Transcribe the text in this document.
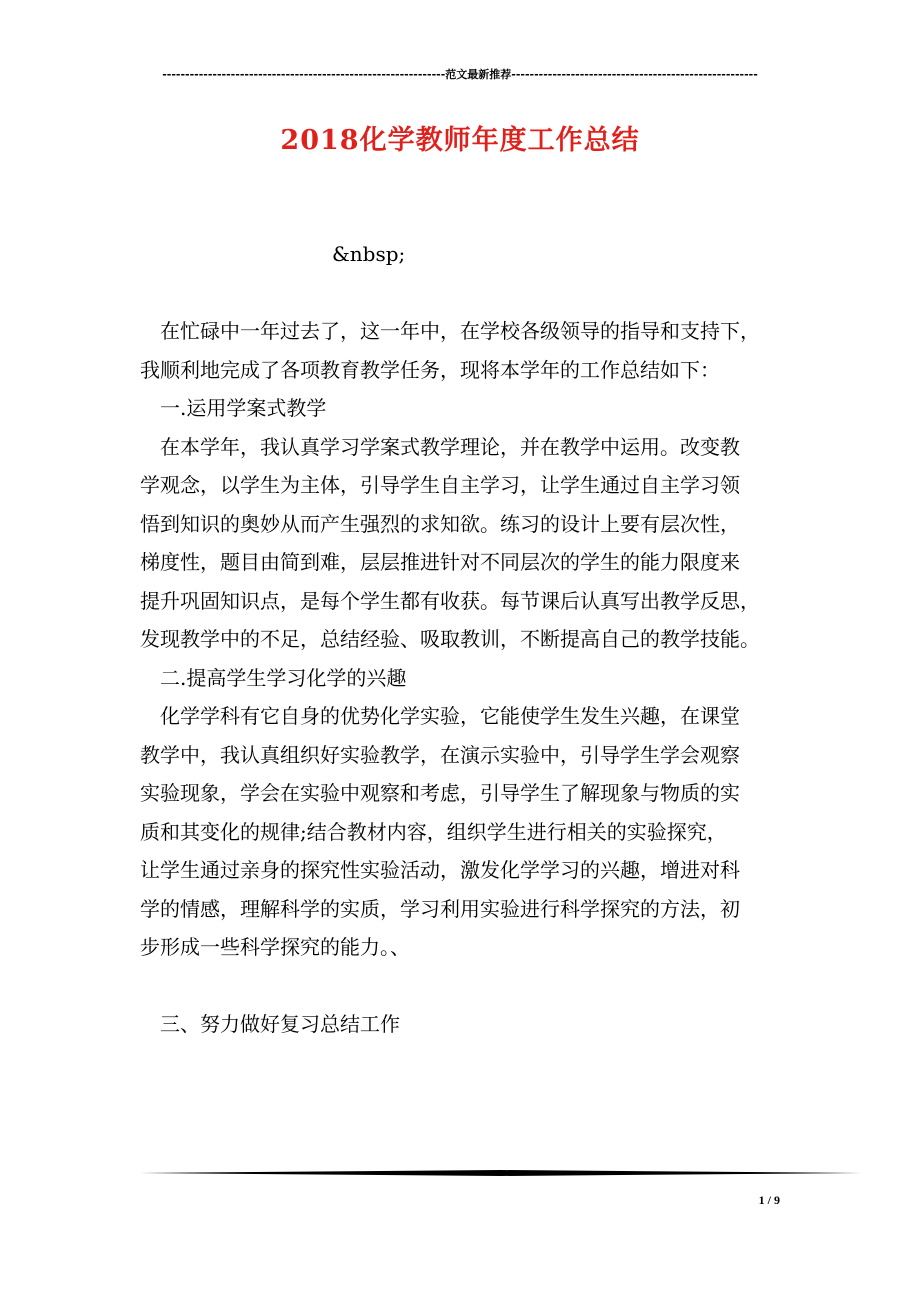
--------------------------------------------------------------范文最新推荐------------------------------------------------------
2018化学教师年度工作总结
&nbsp;
在忙碌中一年过去了，这一年中，在学校各级领导的指导和支持下，
我顺利地完成了各项教育教学任务，现将本学年的工作总结如下：
一.运用学案式教学
在本学年，我认真学习学案式教学理论，并在教学中运用。改变教
学观念，以学生为主体，引导学生自主学习，让学生通过自主学习领
悟到知识的奥妙从而产生强烈的求知欲。练习的设计上要有层次性，
梯度性，题目由简到难，层层推进针对不同层次的学生的能力限度来
提升巩固知识点，是每个学生都有收获。每节课后认真写出教学反思，
发现教学中的不足，总结经验、吸取教训，不断提高自己的教学技能。
二.提高学生学习化学的兴趣
化学学科有它自身的优势化学实验，它能使学生发生兴趣，在课堂
教学中，我认真组织好实验教学，在演示实验中，引导学生学会观察
实验现象，学会在实验中观察和考虑，引导学生了解现象与物质的实
质和其变化的规律;结合教材内容，组织学生进行相关的实验探究，
让学生通过亲身的探究性实验活动，激发化学学习的兴趣，增进对科
学的情感，理解科学的实质，学习利用实验进行科学探究的方法，初
步形成一些科学探究的能力。、
三、努力做好复习总结工作
1 / 9
